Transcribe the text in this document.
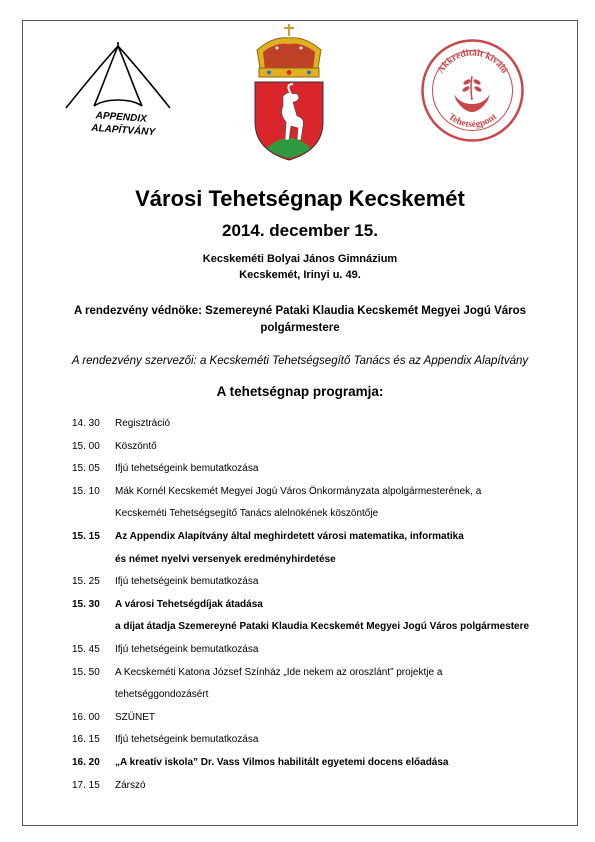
APPENDIX
ALAPÍTVÁNY
Akkreditált kiváló
Tehetségpont
Városi Tehetségnap Kecskemét
2014. december 15.
Kecskeméti Bolyai János Gimnázium
Kecskemét, Irinyi u. 49.
A rendezvény védnöke: Szemereyné Pataki Klaudia Kecskemét Megyei Jogú Város
polgármestere
A rendezvény szervezői: a Kecskeméti Tehetségsegítő Tanács és az Appendix Alapítvány
A tehetségnap programja:
14. 30 Regisztráció
15. 00 Köszöntő
15. 05 Ifjú tehetségeink bemutatkozása
15. 10 Mák Kornél Kecskemét Megyei Jogú Város Önkormányzata alpolgármesterének, a
Kecskeméti Tehetségsegítő Tanács alelnökének köszöntője
15. 15 Az Appendix Alapítvány által meghirdetett városi matematika, informatika
és német nyelvi versenyek eredményhirdetése
15. 25 Ifjú tehetségeink bemutatkozása
15. 30 A városi Tehetségdíjak átadása
a díjat átadja Szemereyné Pataki Klaudia Kecskemét Megyei Jogú Város polgármestere
15. 45 Ifjú tehetségeink bemutatkozása
15. 50 A Kecskeméti Katona József Színház „Ide nekem az oroszlánt” projektje a
tehetséggondozásért
16. 00 SZÜNET
16. 15 Ifjú tehetségeink bemutatkozása
16. 20 „A kreatív iskola” Dr. Vass Vilmos habilitált egyetemi docens előadása
17. 15 Zárszó
